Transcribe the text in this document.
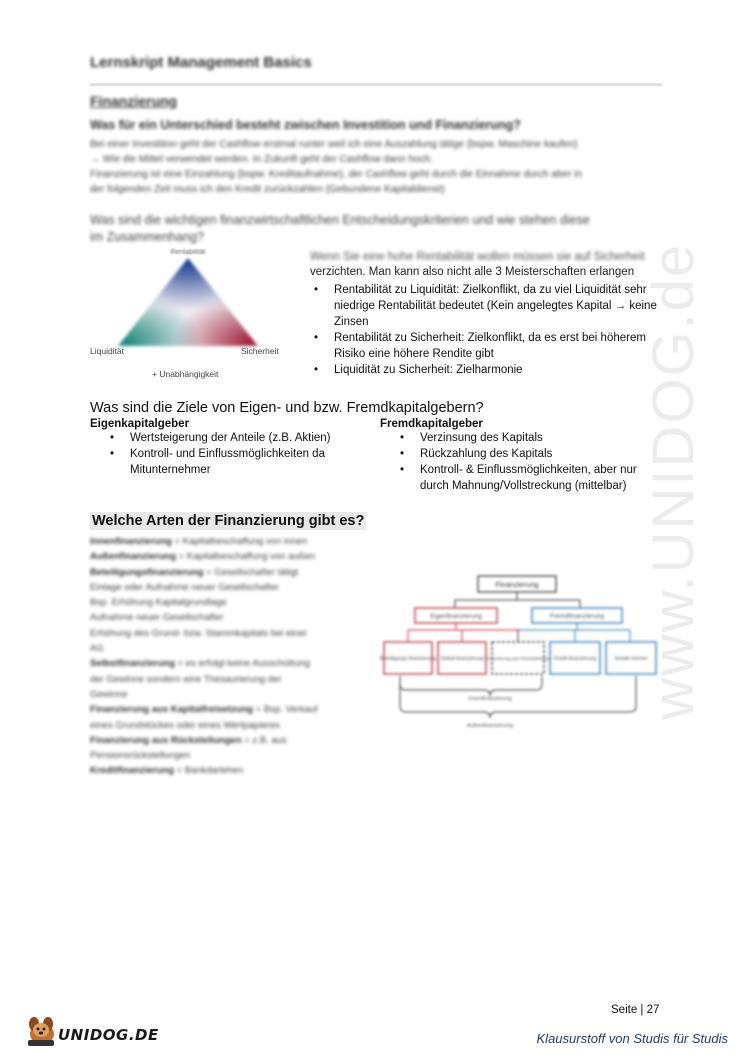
Lernskript Management Basics
Finanzierung
Was für ein Unterschied besteht zwischen Investition und Finanzierung?
Bei einer Investition geht der Cashflow erstmal runter weil ich eine Auszahlung tätige (bspw. Maschine kaufen)
→ Wie die Mittel verwendet werden. In Zukunft geht der Cashflow dann hoch.
Finanzierung ist eine Einzahlung (bspw. Kreditaufnahme), der Cashflow geht durch die Einnahme durch aber in
der folgenden Zeit muss ich den Kredit zurückzahlen (Gebundene Kapitaldienst)
Was sind die wichtigen finanzwirtschaftlichen Entscheidungskriterien und wie stehen diese
im Zusammenhang?
Rentabilität
Liquidität	Sicherheit
+ Unabhängigkeit
Wenn Sie eine hohe Rentabilität wollen müssen sie auf Sicherheit
verzichten. Man kann also nicht alle 3 Meisterschaften erlangen
• Rentabilität zu Liquidität: Zielkonflikt, da zu viel Liquidität sehr niedrige Rentabilität bedeutet (Kein angelegtes Kapital → keine Zinsen
• Rentabilität zu Sicherheit: Zielkonflikt, da es erst bei höherem Risiko eine höhere Rendite gibt
• Liquidität zu Sicherheit: Zielharmonie
Was sind die Ziele von Eigen- und bzw. Fremdkapitalgebern?
Eigenkapitalgeber
• Wertsteigerung der Anteile (z.B. Aktien)
• Kontroll- und Einflussmöglichkeiten da Mitunternehmer
Fremdkapitalgeber
• Verzinsung des Kapitals
• Rückzahlung des Kapitals
• Kontroll- & Einflussmöglichkeiten, aber nur durch Mahnung/Vollstreckung (mittelbar)
Welche Arten der Finanzierung gibt es?
Innenfinanzierung = Kapitalbeschaffung von innen
Außenfinanzierung = Kapitalbeschaffung von außen
Beteiligungsfinanzierung = Gesellschafter tätigt
Einlage oder Aufnahme neuer Gesellschafter
Bsp. Erhöhung Kapitalgrundlage
Aufnahme neuer Gesellschafter
Erhöhung des Grund- bzw. Stammkapitals bei einer
AG
Selbstfinanzierung = es erfolgt keine Ausschüttung
der Gewinne sondern eine Thesaurierung der
Gewinne
Finanzierung aus Kapitalfreisetzung = Bsp. Verkauf
eines Grundstückes oder eines Wertpapieres
Finanzierung aus Rückstellungen = z.B. aus
Pensionsrückstellungen
Kreditfinanzierung = Bankdarlehen
Finanzierung
Eigenfinanzierung	Fremdfinanzierung
Beteiligungs-finanzierung Selbst-finanzierung Finanzierung aus Rückstellungen Kredit-finanzierung	Sonder-formen
Innenfinanzierung
Außenfinanzierung
www.UNIDOG.de
Seite | 27
UNIDOG.DE	Klausurstoff von Studis für Studis
